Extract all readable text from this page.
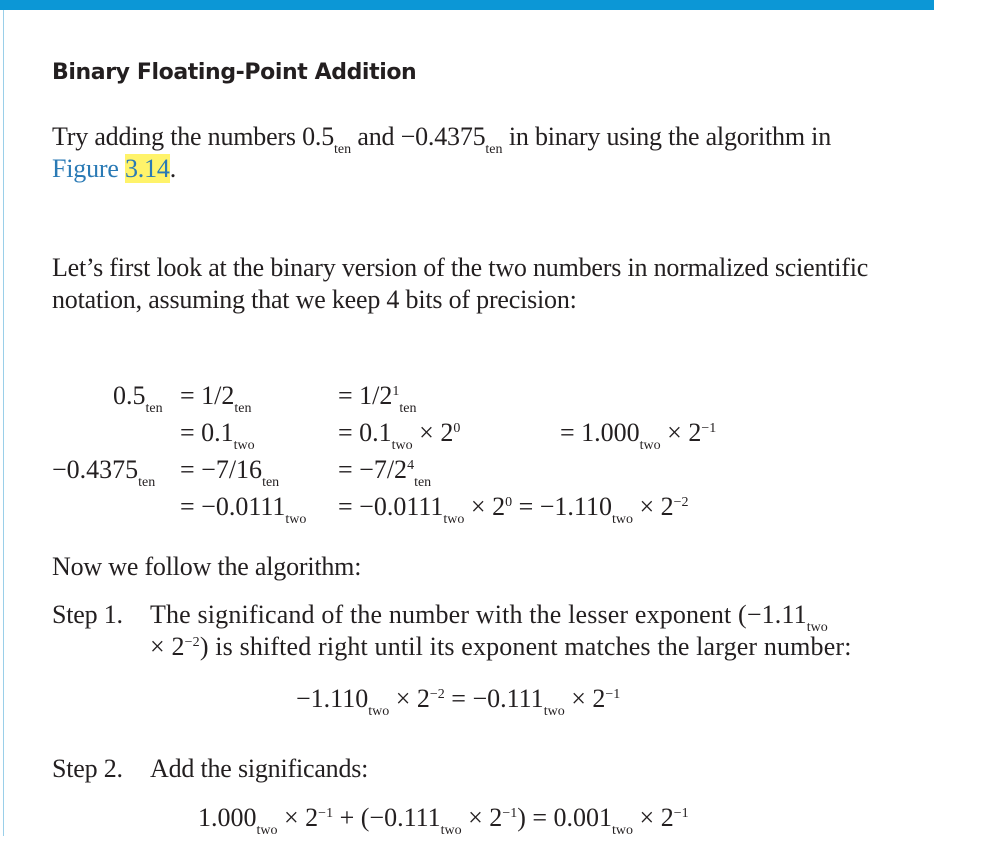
Binary Floating-Point Addition
Try adding the numbers $0.5_{ten}$ and $-0.4375_{ten}$ in binary using the algorithm in
Figure 3.14.
Let’s first look at the binary version of the two numbers in normalized scientific
notation, assuming that we keep 4 bits of precision:
$0.5_{ten} = 1/2_{ten}$	= $1/2^1_{ten}$
= $0.1_{two}$	= $0.1_{two} \times 2^0$	= $1.000_{two} \times 2^{-1}$
$-0.4375_{ten} = -7/16_{ten} = -7/2^4_{ten}$
= $-0.0111_{two} = -0.0111_{two} \times 2^0 = -1.110_{two} \times 2^{-2}$
Now we follow the algorithm:
Step 1. The significand of the number with the lesser exponent ($-1.11_{two}$
× $2^{-2}$) is shifted right until its exponent matches the larger number:
$-1.110_{two} \times 2^{-2} = -0.111_{two} \times 2^{-1}$
Step 2. Add the significands:
$1.000_{two} \times 2^{-1} + (-0.111_{two} \times 2^{-1}) = 0.001_{two} \times 2^{-1}$
